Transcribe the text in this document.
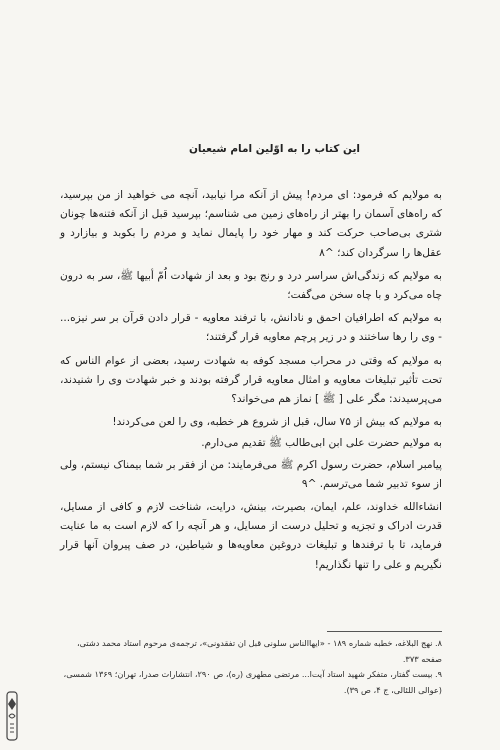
این کتاب را به اوّلین امام شیعیان

به مولایم که فرمود: ای مردم! پیش از آنکه مرا نیابید، آنچه می خواهید از من بپرسید، که راه‌های آسمان را بهتر از راه‌های زمین می شناسم؛ بپرسید قبل از آنکه فتنه‌ها چونان شتری بی‌صاحب حرکت کند و مهار خود را پایمال نماید و مردم را بکوبد و بیازارد و عقل‌ها را سرگردان کند؛ ^٨

به مولایم که زندگی‌اش سراسر درد و رنج بود و بعد از شهادت اُمّ أبیها ﷺ، سر به درون چاه می‌کرد و با چاه سخن می‌گفت؛

به مولایم که اطرافیان احمق و نادانش، با ترفند معاویه - قرار دادن قرآن بر سر نیزه... - وی را رها ساختند و در زیر پرچم معاویه قرار گرفتند؛

به مولایم که وقتی در محراب مسجد کوفه به شهادت رسید، بعضی از عوام الناس که تحت تأثیر تبلیغات معاویه و امثال معاویه قرار گرفته بودند و خبر شهادت وی را شنیدند، می‌پرسیدند: مگر علی [ ﷺ ] نماز هم می‌خواند؟

به مولایم که بیش از ۷۵ سال، قبل از شروع هر خطبه، وی را لعن می‌کردند!

به مولایم حضرت علی ابن ابی‌طالب ﷺ تقدیم می‌دارم.

پیامبر اسلام، حضرت رسول اکرم ﷺ می‌فرمایند: من از فقر بر شما بیمناک نیستم، ولی از سوء تدبیر شما می‌ترسم. ^٩

انشاءالله خداوند، علم، ایمان، بصیرت، بینش، درایت، شناخت لازم و کافی از مسایل، قدرت ادراک و تجزیه و تحلیل درست از مسایل، و هر آنچه را که لازم است به ما عنایت فرماید، تا با ترفندها و تبلیغات دروغین معاویه‌ها و شیاطین، در صف پیروان آنها قرار نگیریم و علی را تنها نگذاریم!

٨. نهج البلاغه، خطبه شماره ۱۸۹ - «ایها‌الناس سلونی قبل ان تفقدونی»، ترجمه‌ی مرحوم استاد محمد دشتی، صفحه ۳۷۳.

٩. بیست گفتار، متفکر شهید استاد آیت‌ا... مرتضی مطهری (ره)، ص ۲۹۰، انتشارات صدرا، تهران؛ ۱۳۶۹ شمسی، (عوالی اللئالی، ج ۴، ص ۳۹).
